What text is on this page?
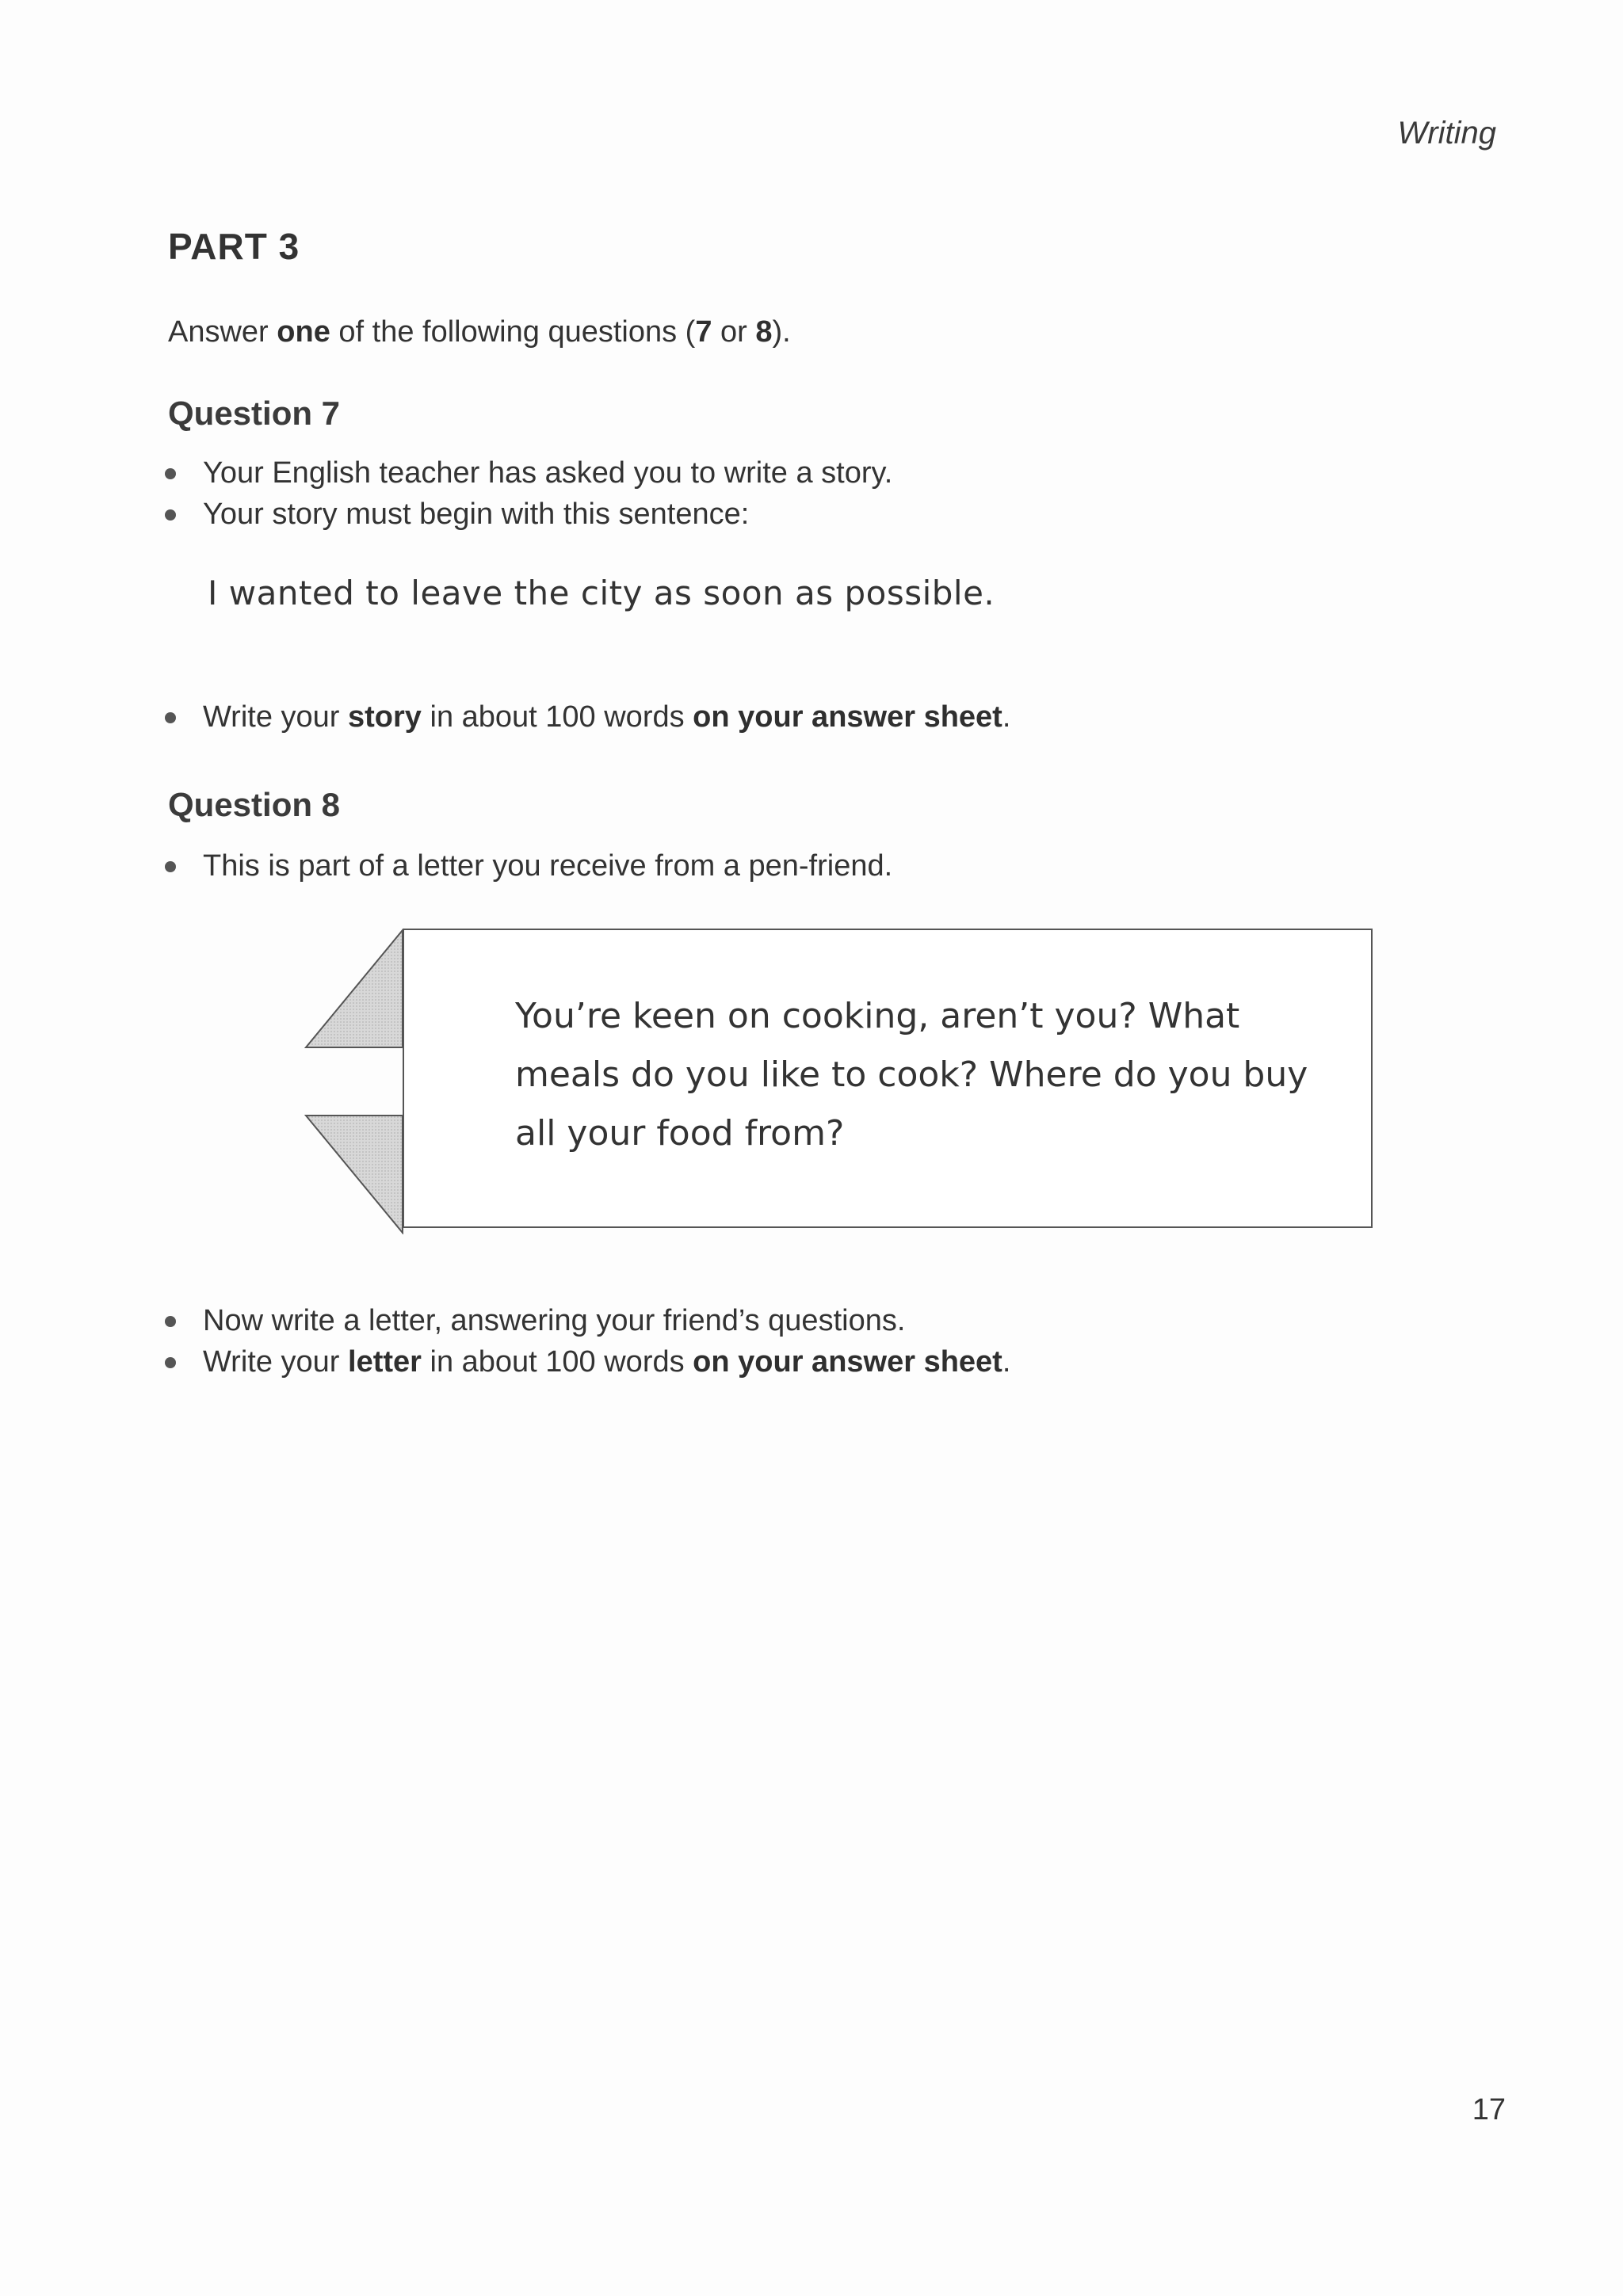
Writing
PART 3
Answer one of the following questions (7 or 8).
Question 7
Your English teacher has asked you to write a story.
Your story must begin with this sentence:
I wanted to leave the city as soon as possible.
Write your story in about 100 words on your answer sheet.
Question 8
This is part of a letter you receive from a pen-friend.
You’re keen on cooking, aren’t you? What meals do you like to cook? Where do you buy all your food from?
Now write a letter, answering your friend’s questions.
Write your letter in about 100 words on your answer sheet.
17
